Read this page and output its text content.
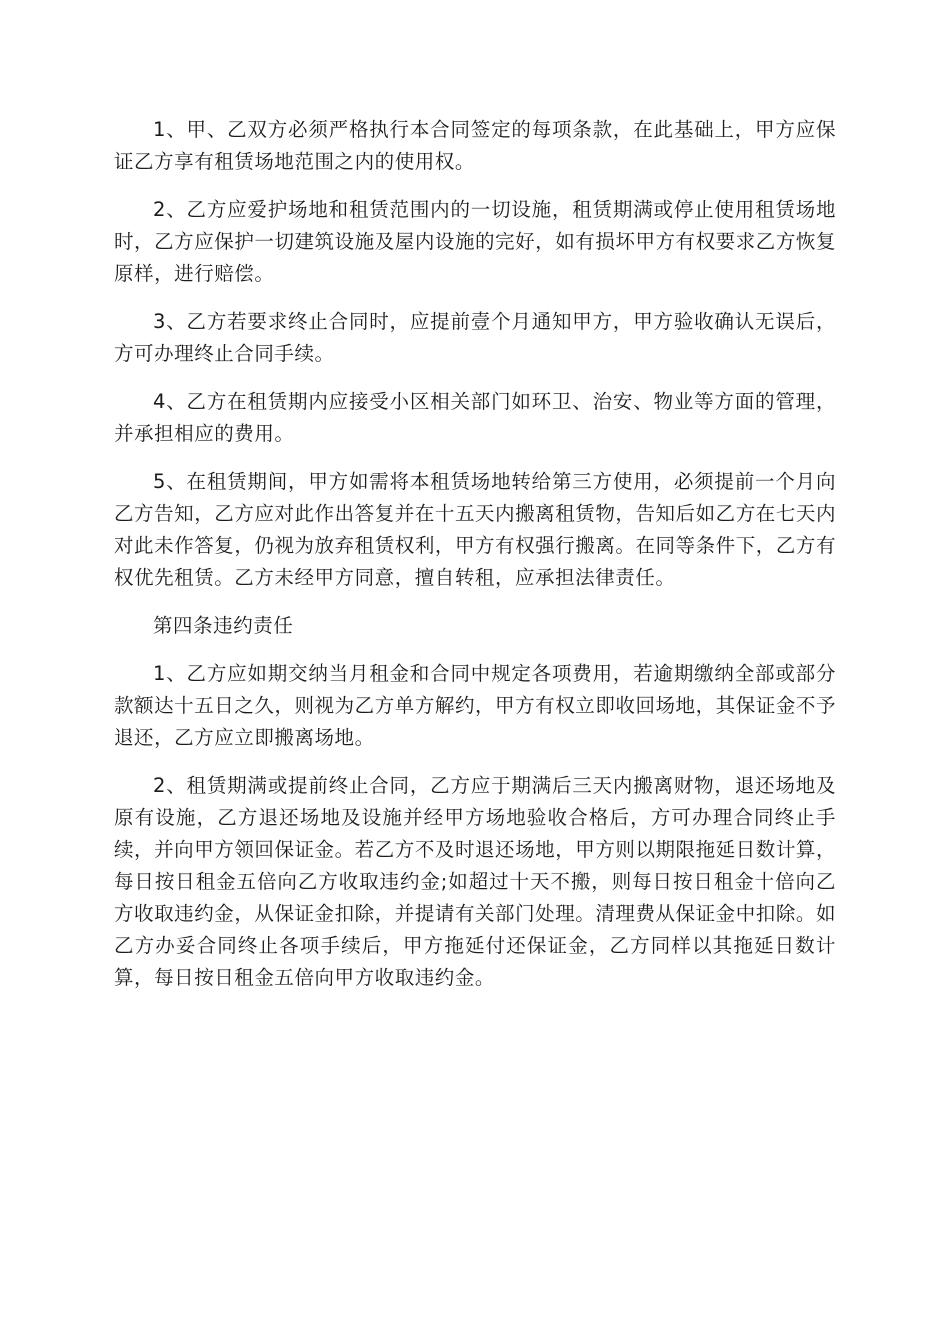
1、甲、乙双方必须严格执行本合同签定的每项条款，在此基础上，甲方应保证乙方享有租赁场地范围之内的使用权。

2、乙方应爱护场地和租赁范围内的一切设施，租赁期满或停止使用租赁场地时，乙方应保护一切建筑设施及屋内设施的完好，如有损坏甲方有权要求乙方恢复原样，进行赔偿。

3、乙方若要求终止合同时，应提前壹个月通知甲方，甲方验收确认无误后，方可办理终止合同手续。

4、乙方在租赁期内应接受小区相关部门如环卫、治安、物业等方面的管理，并承担相应的费用。

5、在租赁期间，甲方如需将本租赁场地转给第三方使用，必须提前一个月向乙方告知，乙方应对此作出答复并在十五天内搬离租赁物，告知后如乙方在七天内对此未作答复，仍视为放弃租赁权利，甲方有权强行搬离。在同等条件下，乙方有权优先租赁。乙方未经甲方同意，擅自转租，应承担法律责任。

第四条违约责任

1、乙方应如期交纳当月租金和合同中规定各项费用，若逾期缴纳全部或部分款额达十五日之久，则视为乙方单方解约，甲方有权立即收回场地，其保证金不予退还，乙方应立即搬离场地。

2、租赁期满或提前终止合同，乙方应于期满后三天内搬离财物，退还场地及原有设施，乙方退还场地及设施并经甲方场地验收合格后，方可办理合同终止手续，并向甲方领回保证金。若乙方不及时退还场地，甲方则以期限拖延日数计算，每日按日租金五倍向乙方收取违约金;如超过十天不搬，则每日按日租金十倍向乙方收取违约金，从保证金扣除，并提请有关部门处理。清理费从保证金中扣除。如乙方办妥合同终止各项手续后，甲方拖延付还保证金，乙方同样以其拖延日数计算，每日按日租金五倍向甲方收取违约金。
